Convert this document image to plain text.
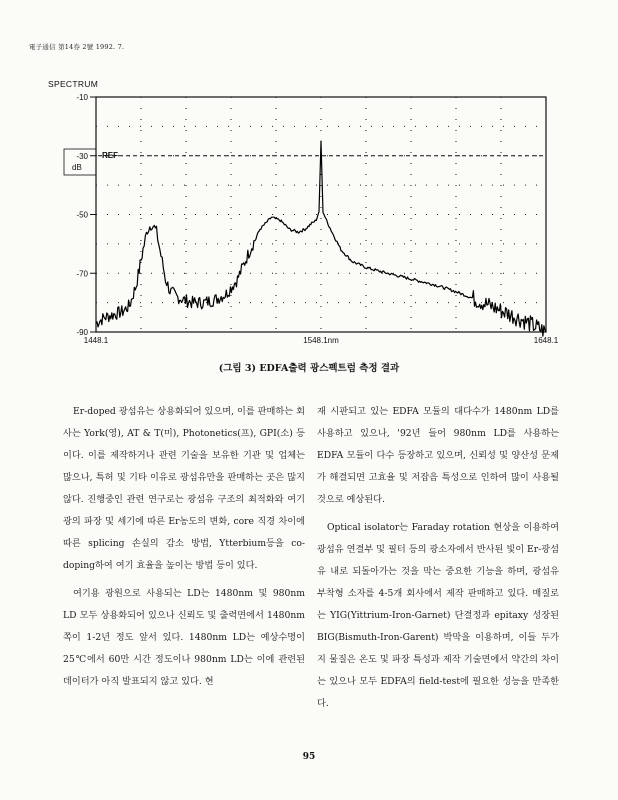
電子通信 第14券 2號 1992. 7.
SPECTRUM
-10
-30
-50
-70
-90
1448.1	1548.1nm	1648.1
dB
REF
(그림 3) EDFA출력 광스펙트럼 측정 결과

Er-doped 광섬유는 상용화되어 있으며, 이를 판매하는 회사는 York(영), AT & T(미), Photonetics(프), GPI(소) 등이다. 이를 제작하거나 관련 기술을 보유한 기관 및 업체는 많으나, 특허 및 기타 이유로 광섬유만을 판매하는 곳은 많지 않다. 진행중인 관련 연구로는 광섬유 구조의 최적화와 여기광의 파장 및 세기에 따른 Er농도의 변화, core 직경 차이에 따른 splicing 손실의 감소 방법, Ytterbium등을 co-doping하여 여기 효율을 높이는 방법 등이 있다.

여기용 광원으로 사용되는 LD는 1480nm 및 980nm LD 모두 상용화되어 있으나 신뢰도 및 출력면에서 1480nm 쪽이 1-2년 정도 앞서 있다. 1480nm LD는 예상수명이 25℃에서 60만 시간 정도이나 980nm LD는 이에 관련된 데이터가 아직 발표되지 않고 있다. 현

재 시판되고 있는 EDFA 모듈의 대다수가 1480nm LD를 사용하고 있으나, '92년 들어 980nm LD를 사용하는 EDFA 모듈이 다수 등장하고 있으며, 신뢰성 및 양산성 문제가 해결되면 고효율 및 저잡음 특성으로 인하여 많이 사용될 것으로 예상된다.

Optical isolator는 Faraday rotation 현상을 이용하여 광섬유 연결부 및 필터 등의 광소자에서 반사된 빛이 Er-광섬유 내로 되돌아가는 것을 막는 중요한 기능을 하며, 광섬유 부착형 소자를 4-5개 회사에서 제작 판매하고 있다. 매질로는 YIG(Yittrium-Iron-Garnet) 단결정과 epitaxy 성장된 BIG(Bismuth-Iron-Garent) 박막을 이용하며, 이들 두가지 물질은 온도 및 파장 특성과 제작 기술면에서 약간의 차이는 있으나 모두 EDFA의 field-test에 필요한 성능을 만족한다.

95
